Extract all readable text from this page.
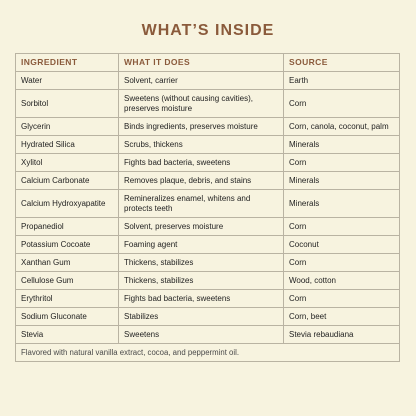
WHAT’S INSIDE
INGREDIENT	WHAT IT DOES	SOURCE
Water	Solvent, carrier	Earth
Sorbitol	Sweetens (without causing cavities), preserves moisture	Corn
Glycerin	Binds ingredients, preserves moisture	Corn, canola, coconut, palm
Hydrated Silica	Scrubs, thickens	Minerals
Xylitol	Fights bad bacteria, sweetens	Corn
Calcium Carbonate	Removes plaque, debris, and stains	Minerals
Calcium Hydroxyapatite	Remineralizes enamel, whitens and protects teeth	Minerals
Propanediol	Solvent, preserves moisture	Corn
Potassium Cocoate	Foaming agent	Coconut
Xanthan Gum	Thickens, stabilizes	Corn
Cellulose Gum	Thickens, stabilizes	Wood, cotton
Erythritol	Fights bad bacteria, sweetens	Corn
Sodium Gluconate	Stabilizes	Corn, beet
Stevia	Sweetens	Stevia rebaudiana
Flavored with natural vanilla extract, cocoa, and peppermint oil.		
